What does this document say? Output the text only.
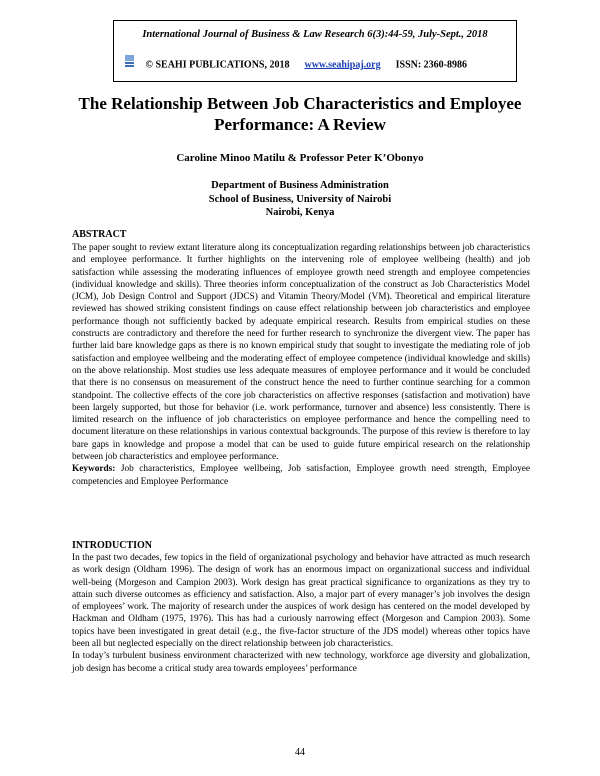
International Journal of Business & Law Research 6(3):44-59, July-Sept., 2018
© SEAHI PUBLICATIONS, 2018 www.seahipaj.org ISSN: 2360-8986
The Relationship Between Job Characteristics and Employee Performance: A Review
Caroline Minoo Matilu & Professor Peter K’Obonyo
Department of Business Administration
School of Business, University of Nairobi
Nairobi, Kenya
ABSTRACT

The paper sought to review extant literature along its conceptualization regarding relationships between job characteristics and employee performance. It further highlights on the intervening role of employee wellbeing (health) and job satisfaction while assessing the moderating influences of employee growth need strength and employee competencies (individual knowledge and skills). Three theories inform conceptualization of the construct as Job Characteristics Model (JCM), Job Design Control and Support (JDCS) and Vitamin Theory/Model (VM). Theoretical and empirical literature reviewed has showed striking consistent findings on cause effect relationship between job characteristics and employee performance though not sufficiently backed by adequate empirical research. Results from empirical studies on these constructs are contradictory and therefore the need for further research to synchronize the divergent view. The paper has further laid bare knowledge gaps as there is no known empirical study that sought to investigate the mediating role of job satisfaction and employee wellbeing and the moderating effect of employee competence (individual knowledge and skills) on the above relationship. Most studies use less adequate measures of employee performance and it would be concluded that there is no consensus on measurement of the construct hence the need to further continue searching for a common standpoint. The collective effects of the core job characteristics on affective responses (satisfaction and motivation) have been largely supported, but those for behavior (i.e. work performance, turnover and absence) less consistently. There is limited research on the influence of job characteristics on employee performance and hence the compelling need to document literature on these relationships in various contextual backgrounds. The purpose of this review is therefore to lay bare gaps in knowledge and propose a model that can be used to guide future empirical research on the relationship between job characteristics and employee performance.

Keywords: Job characteristics, Employee wellbeing, Job satisfaction, Employee growth need strength, Employee competencies and Employee Performance

INTRODUCTION

In the past two decades, few topics in the field of organizational psychology and behavior have attracted as much research as work design (Oldham 1996). The design of work has an enormous impact on organizational success and individual well-being (Morgeson and Campion 2003). Work design has great practical significance to organizations as they try to attain such diverse outcomes as efficiency and satisfaction. Also, a major part of every manager’s job involves the design of employees’ work. The majority of research under the auspices of work design has centered on the model developed by Hackman and Oldham (1975, 1976). This has had a curiously narrowing effect (Morgeson and Campion 2003). Some topics have been investigated in great detail (e.g., the five-factor structure of the JDS model) whereas other topics have been all but neglected especially on the direct relationship between job characteristics.

In today’s turbulent business environment characterized with new technology, workforce age diversity and globalization, job design has become a critical study area towards employees’ performance

44
